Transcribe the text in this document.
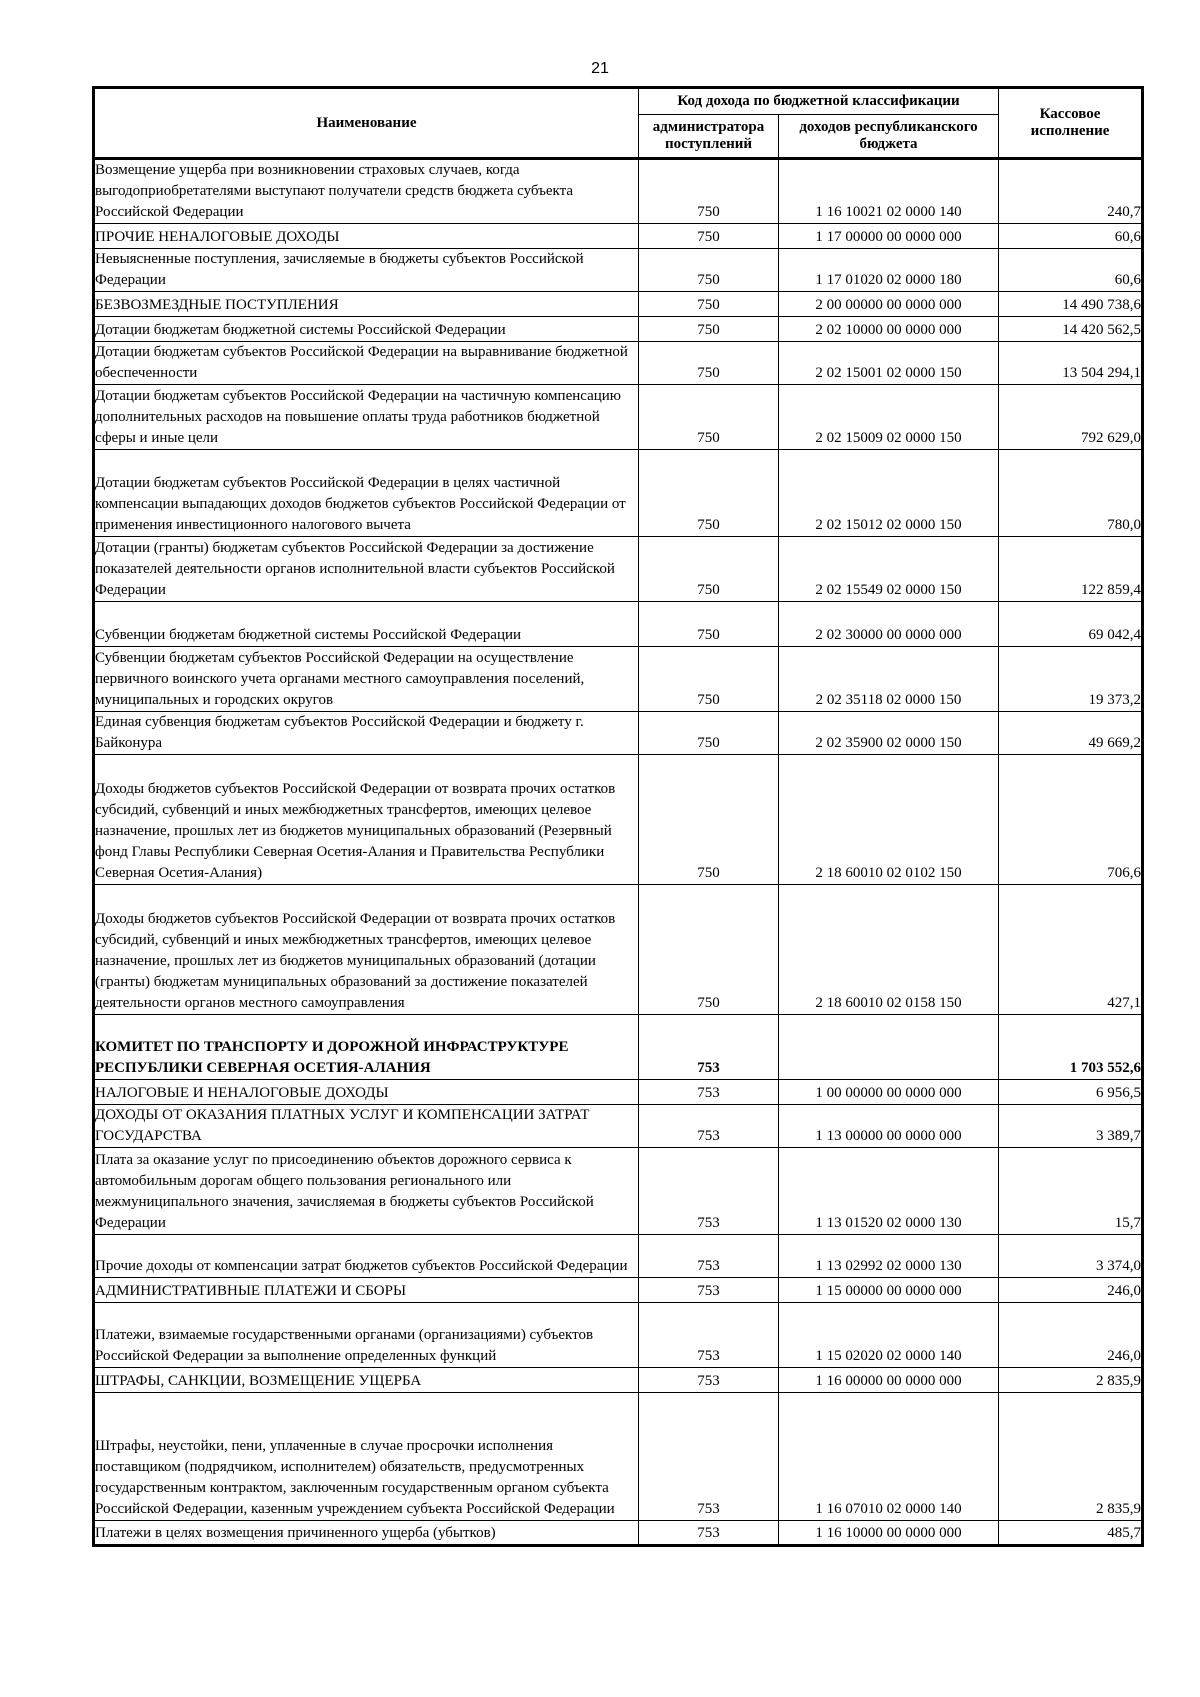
21
Наименование	Код дохода по бюджетной классификации		Кассовое исполнение
	администратора поступлений	доходов республиканского бюджета	
Возмещение ущерба при возникновении страховых случаев, когда выгодоприобретателями выступают получатели средств бюджета субъекта Российской Федерации	750	1 16 10021 02 0000 140	240,7
ПРОЧИЕ НЕНАЛОГОВЫЕ ДОХОДЫ	750	1 17 00000 00 0000 000	60,6
Невыясненные поступления, зачисляемые в бюджеты субъектов Российской Федерации	750	1 17 01020 02 0000 180	60,6
БЕЗВОЗМЕЗДНЫЕ ПОСТУПЛЕНИЯ	750	2 00 00000 00 0000 000	14 490 738,6
Дотации бюджетам бюджетной системы Российской Федерации	750	2 02 10000 00 0000 000	14 420 562,5
Дотации бюджетам субъектов Российской Федерации на выравнивание бюджетной обеспеченности	750	2 02 15001 02 0000 150	13 504 294,1
Дотации бюджетам субъектов Российской Федерации на частичную компенсацию дополнительных расходов на повышение оплаты труда работников бюджетной сферы и иные цели	750	2 02 15009 02 0000 150	792 629,0
Дотации бюджетам субъектов Российской Федерации в целях частичной компенсации выпадающих доходов бюджетов субъектов Российской Федерации от применения инвестиционного налогового вычета	750	2 02 15012 02 0000 150	780,0
Дотации (гранты) бюджетам субъектов Российской Федерации за достижение показателей деятельности органов исполнительной власти субъектов Российской Федерации	750	2 02 15549 02 0000 150	122 859,4
Субвенции бюджетам бюджетной системы Российской Федерации	750	2 02 30000 00 0000 000	69 042,4
Субвенции бюджетам субъектов Российской Федерации на осуществление первичного воинского учета органами местного самоуправления поселений, муниципальных и городских округов	750	2 02 35118 02 0000 150	19 373,2
Единая субвенция бюджетам субъектов Российской Федерации и бюджету г. Байконура	750	2 02 35900 02 0000 150	49 669,2
Доходы бюджетов субъектов Российской Федерации от возврата прочих остатков субсидий, субвенций и иных межбюджетных трансфертов, имеющих целевое назначение, прошлых лет из бюджетов муниципальных образований (Резервный фонд Главы Республики Северная Осетия-Алания и Правительства Республики Северная Осетия-Алания)	750	2 18 60010 02 0102 150	706,6
Доходы бюджетов субъектов Российской Федерации от возврата прочих остатков субсидий, субвенций и иных межбюджетных трансфертов, имеющих целевое назначение, прошлых лет из бюджетов муниципальных образований (дотации (гранты) бюджетам муниципальных образований за достижение показателей деятельности органов местного самоуправления	750	2 18 60010 02 0158 150	427,1
КОМИТЕТ ПО ТРАНСПОРТУ И ДОРОЖНОЙ ИНФРАСТРУКТУРЕ РЕСПУБЛИКИ СЕВЕРНАЯ ОСЕТИЯ-АЛАНИЯ	753		1 703 552,6
НАЛОГОВЫЕ И НЕНАЛОГОВЫЕ ДОХОДЫ	753	1 00 00000 00 0000 000	6 956,5
ДОХОДЫ ОТ ОКАЗАНИЯ ПЛАТНЫХ УСЛУГ И КОМПЕНСАЦИИ ЗАТРАТ ГОСУДАРСТВА	753	1 13 00000 00 0000 000	3 389,7
Плата за оказание услуг по присоединению объектов дорожного сервиса к автомобильным дорогам общего пользования регионального или межмуниципального значения, зачисляемая в бюджеты субъектов Российской Федерации	753	1 13 01520 02 0000 130	15,7
Прочие доходы от компенсации затрат бюджетов субъектов Российской Федерации	753	1 13 02992 02 0000 130	3 374,0
АДМИНИСТРАТИВНЫЕ ПЛАТЕЖИ И СБОРЫ	753	1 15 00000 00 0000 000	246,0
Платежи, взимаемые государственными органами (организациями) субъектов Российской Федерации за выполнение определенных функций	753	1 15 02020 02 0000 140	246,0
ШТРАФЫ, САНКЦИИ, ВОЗМЕЩЕНИЕ УЩЕРБА	753	1 16 00000 00 0000 000	2 835,9
Штрафы, неустойки, пени, уплаченные в случае просрочки исполнения поставщиком (подрядчиком, исполнителем) обязательств, предусмотренных государственным контрактом, заключенным государственным органом субъекта Российской Федерации, казенным учреждением субъекта Российской Федерации	753	1 16 07010 02 0000 140	2 835,9
Платежи в целях возмещения причиненного ущерба (убытков)	753	1 16 10000 00 0000 000	485,7
